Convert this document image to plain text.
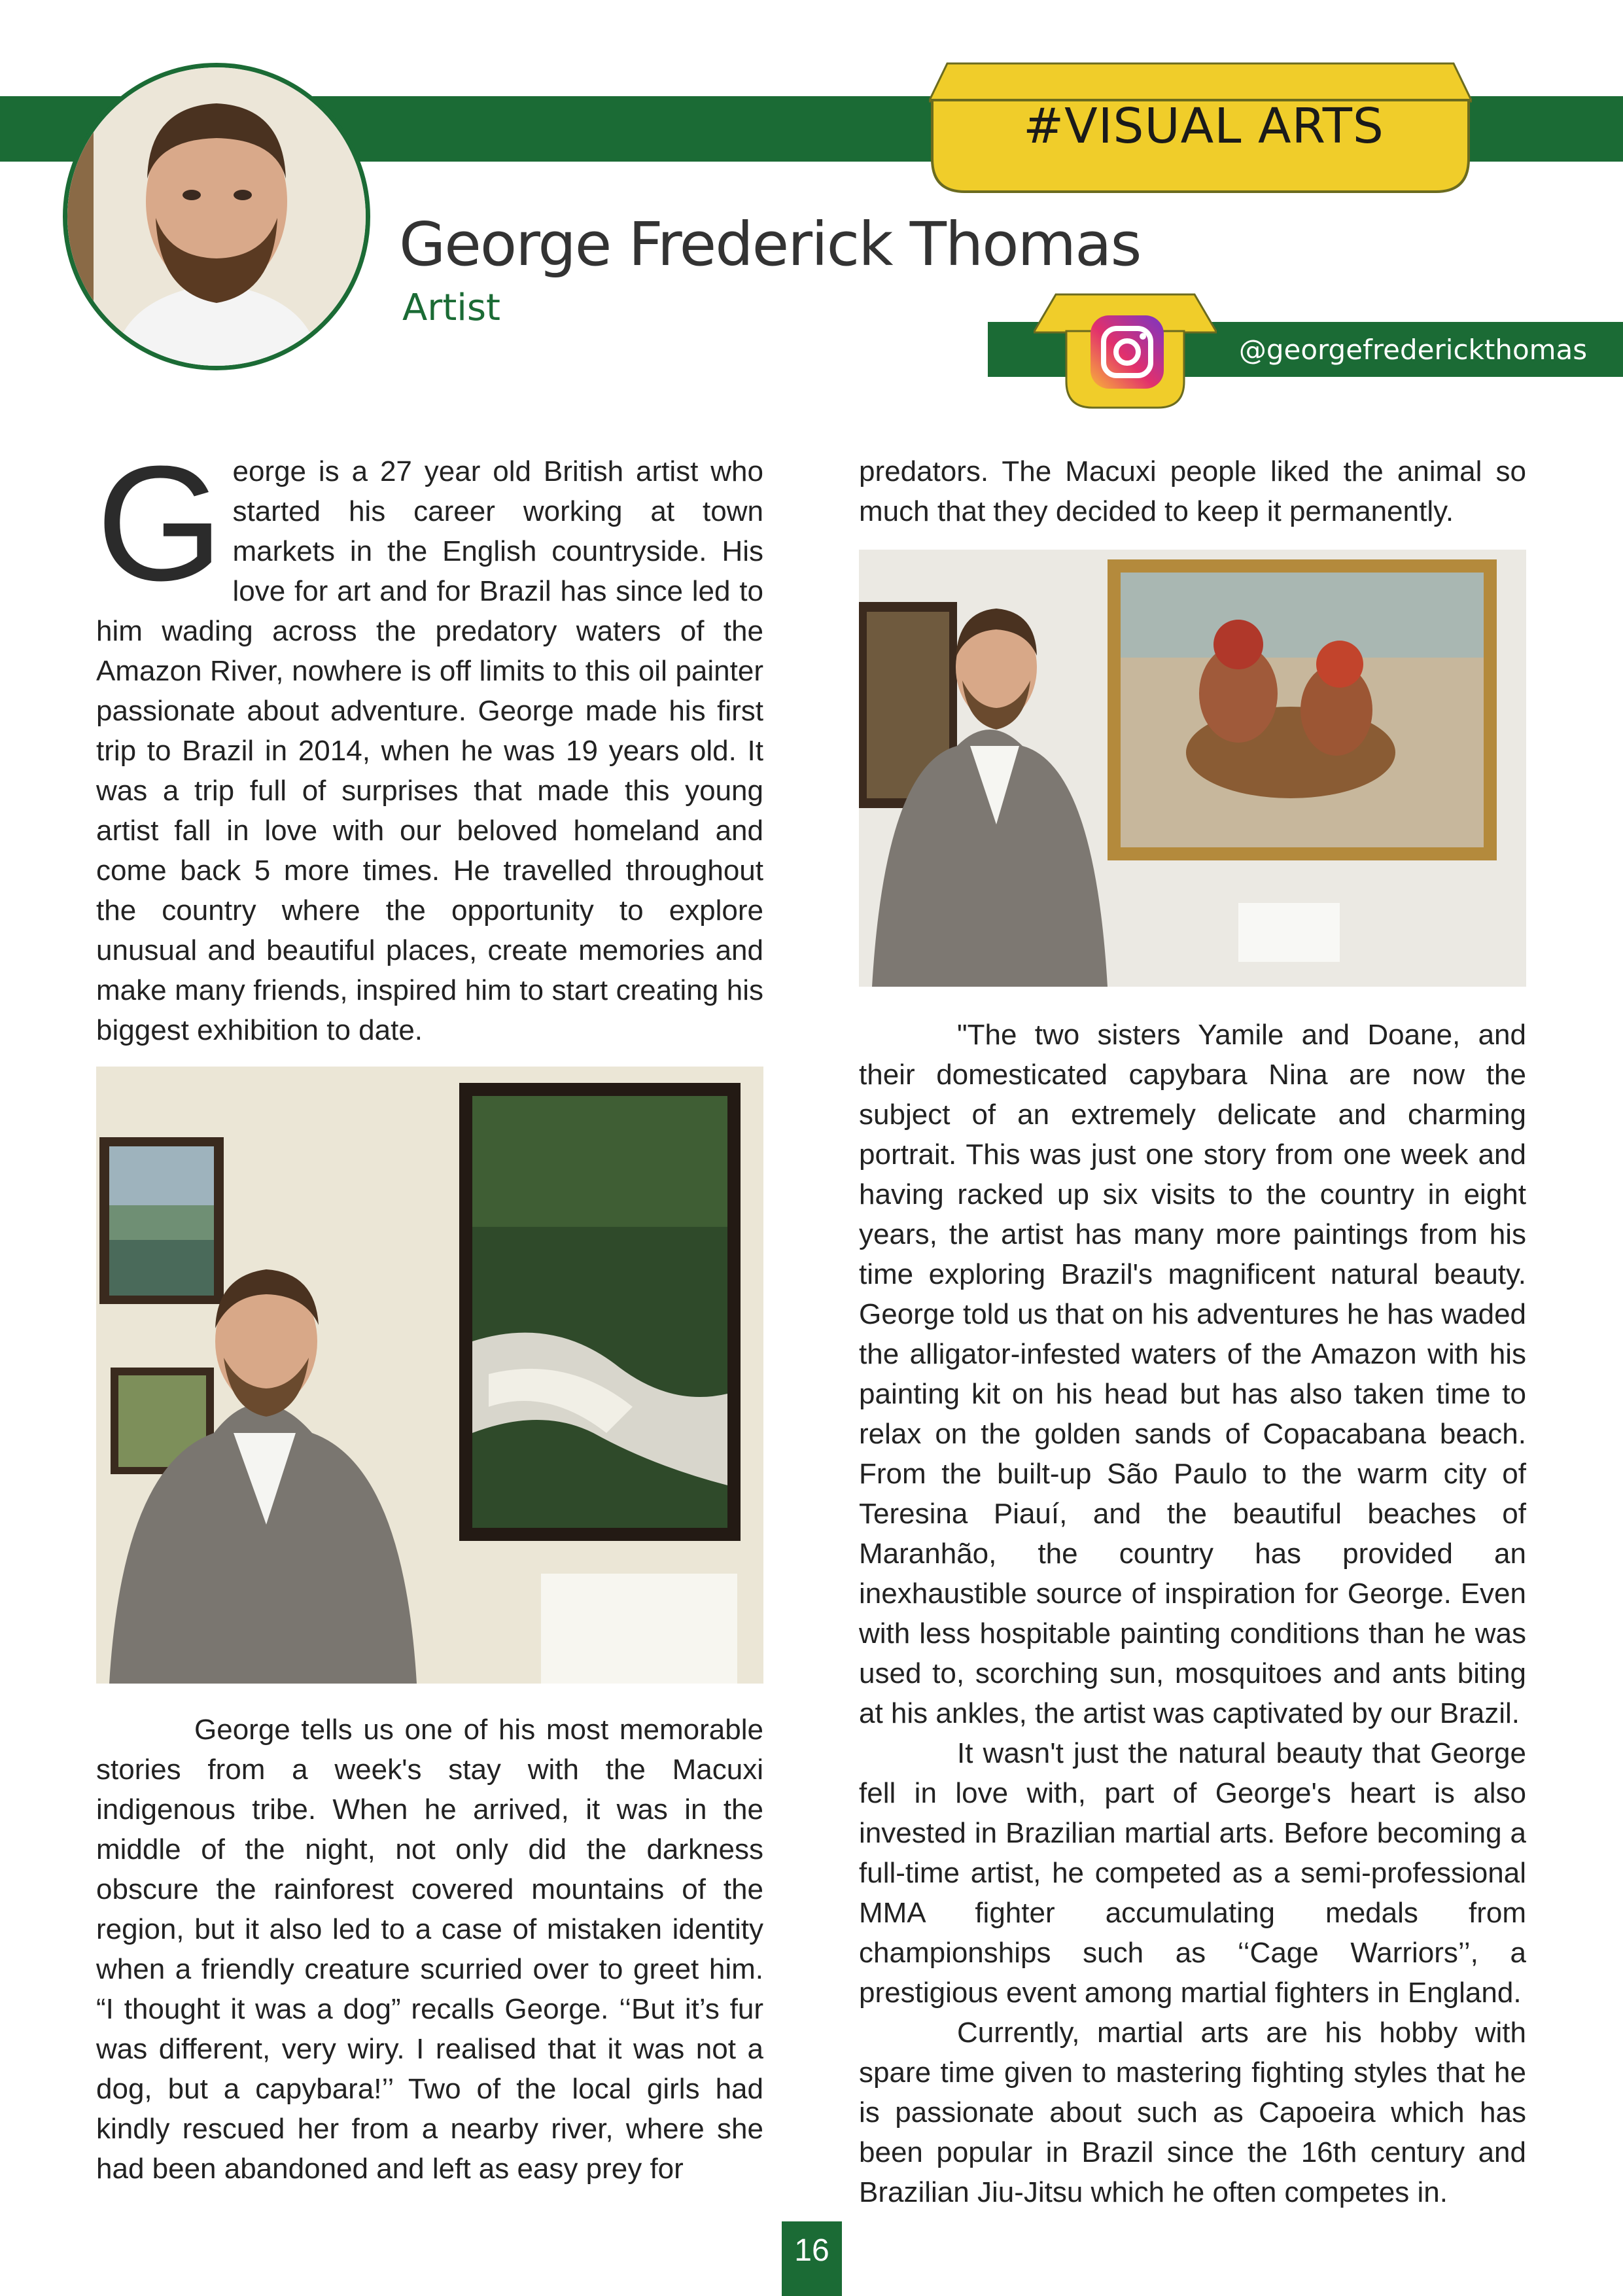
#VISUAL ARTS
George Frederick Thomas
Artist
@georgefrederickthomas
G eorge is a 27 year old British artist who started his career working at town markets in the English countryside. His love for art and for Brazil has since led to him wading across the predatory waters of the Amazon River, nowhere is off limits to this oil painter passionate about adventure. George made his first trip to Brazil in 2014, when he was 19 years old. It was a trip full of surprises that made this young artist fall in love with our beloved homeland and come back 5 more times. He travelled throughout the country where the opportunity to explore unusual and beautiful places, create memories and make many friends, inspired him to start creating his biggest exhibition to date.

George tells us one of his most memorable stories from a week's stay with the Macuxi indigenous tribe. When he arrived, it was in the middle of the night, not only did the darkness obscure the rainforest covered mountains of the region, but it also led to a case of mistaken identity when a friendly creature scurried over to greet him. “I thought it was a dog” recalls George. ‘‘But it’s fur was different, very wiry. I realised that it was not a dog, but a capybara!’’ Two of the local girls had kindly rescued her from a nearby river, where she had been abandoned and left as easy prey for

predators. The Macuxi people liked the animal so much that they decided to keep it permanently.

"The two sisters Yamile and Doane, and their domesticated capybara Nina are now the subject of an extremely delicate and charming portrait. This was just one story from one week and having racked up six visits to the country in eight years, the artist has many more paintings from his time exploring Brazil's magnificent natural beauty. George told us that on his adventures he has waded the alligator-infested waters of the Amazon with his painting kit on his head but has also taken time to relax on the golden sands of Copacabana beach. From the built-up São Paulo to the warm city of Teresina Piauí, and the beautiful beaches of Maranhão, the country has provided an inexhaustible source of inspiration for George. Even with less hospitable painting conditions than he was used to, scorching sun, mosquitoes and ants biting at his ankles, the artist was captivated by our Brazil.

It wasn't just the natural beauty that George fell in love with, part of George's heart is also invested in Brazilian martial arts. Before becoming a full-time artist, he competed as a semi-professional MMA fighter accumulating medals from championships such as ‘‘Cage Warriors’’, a prestigious event among martial fighters in England.

Currently, martial arts are his hobby with spare time given to mastering fighting styles that he is passionate about such as Capoeira which has been popular in Brazil since the 16th century and Brazilian Jiu-Jitsu which he often competes in.

16
